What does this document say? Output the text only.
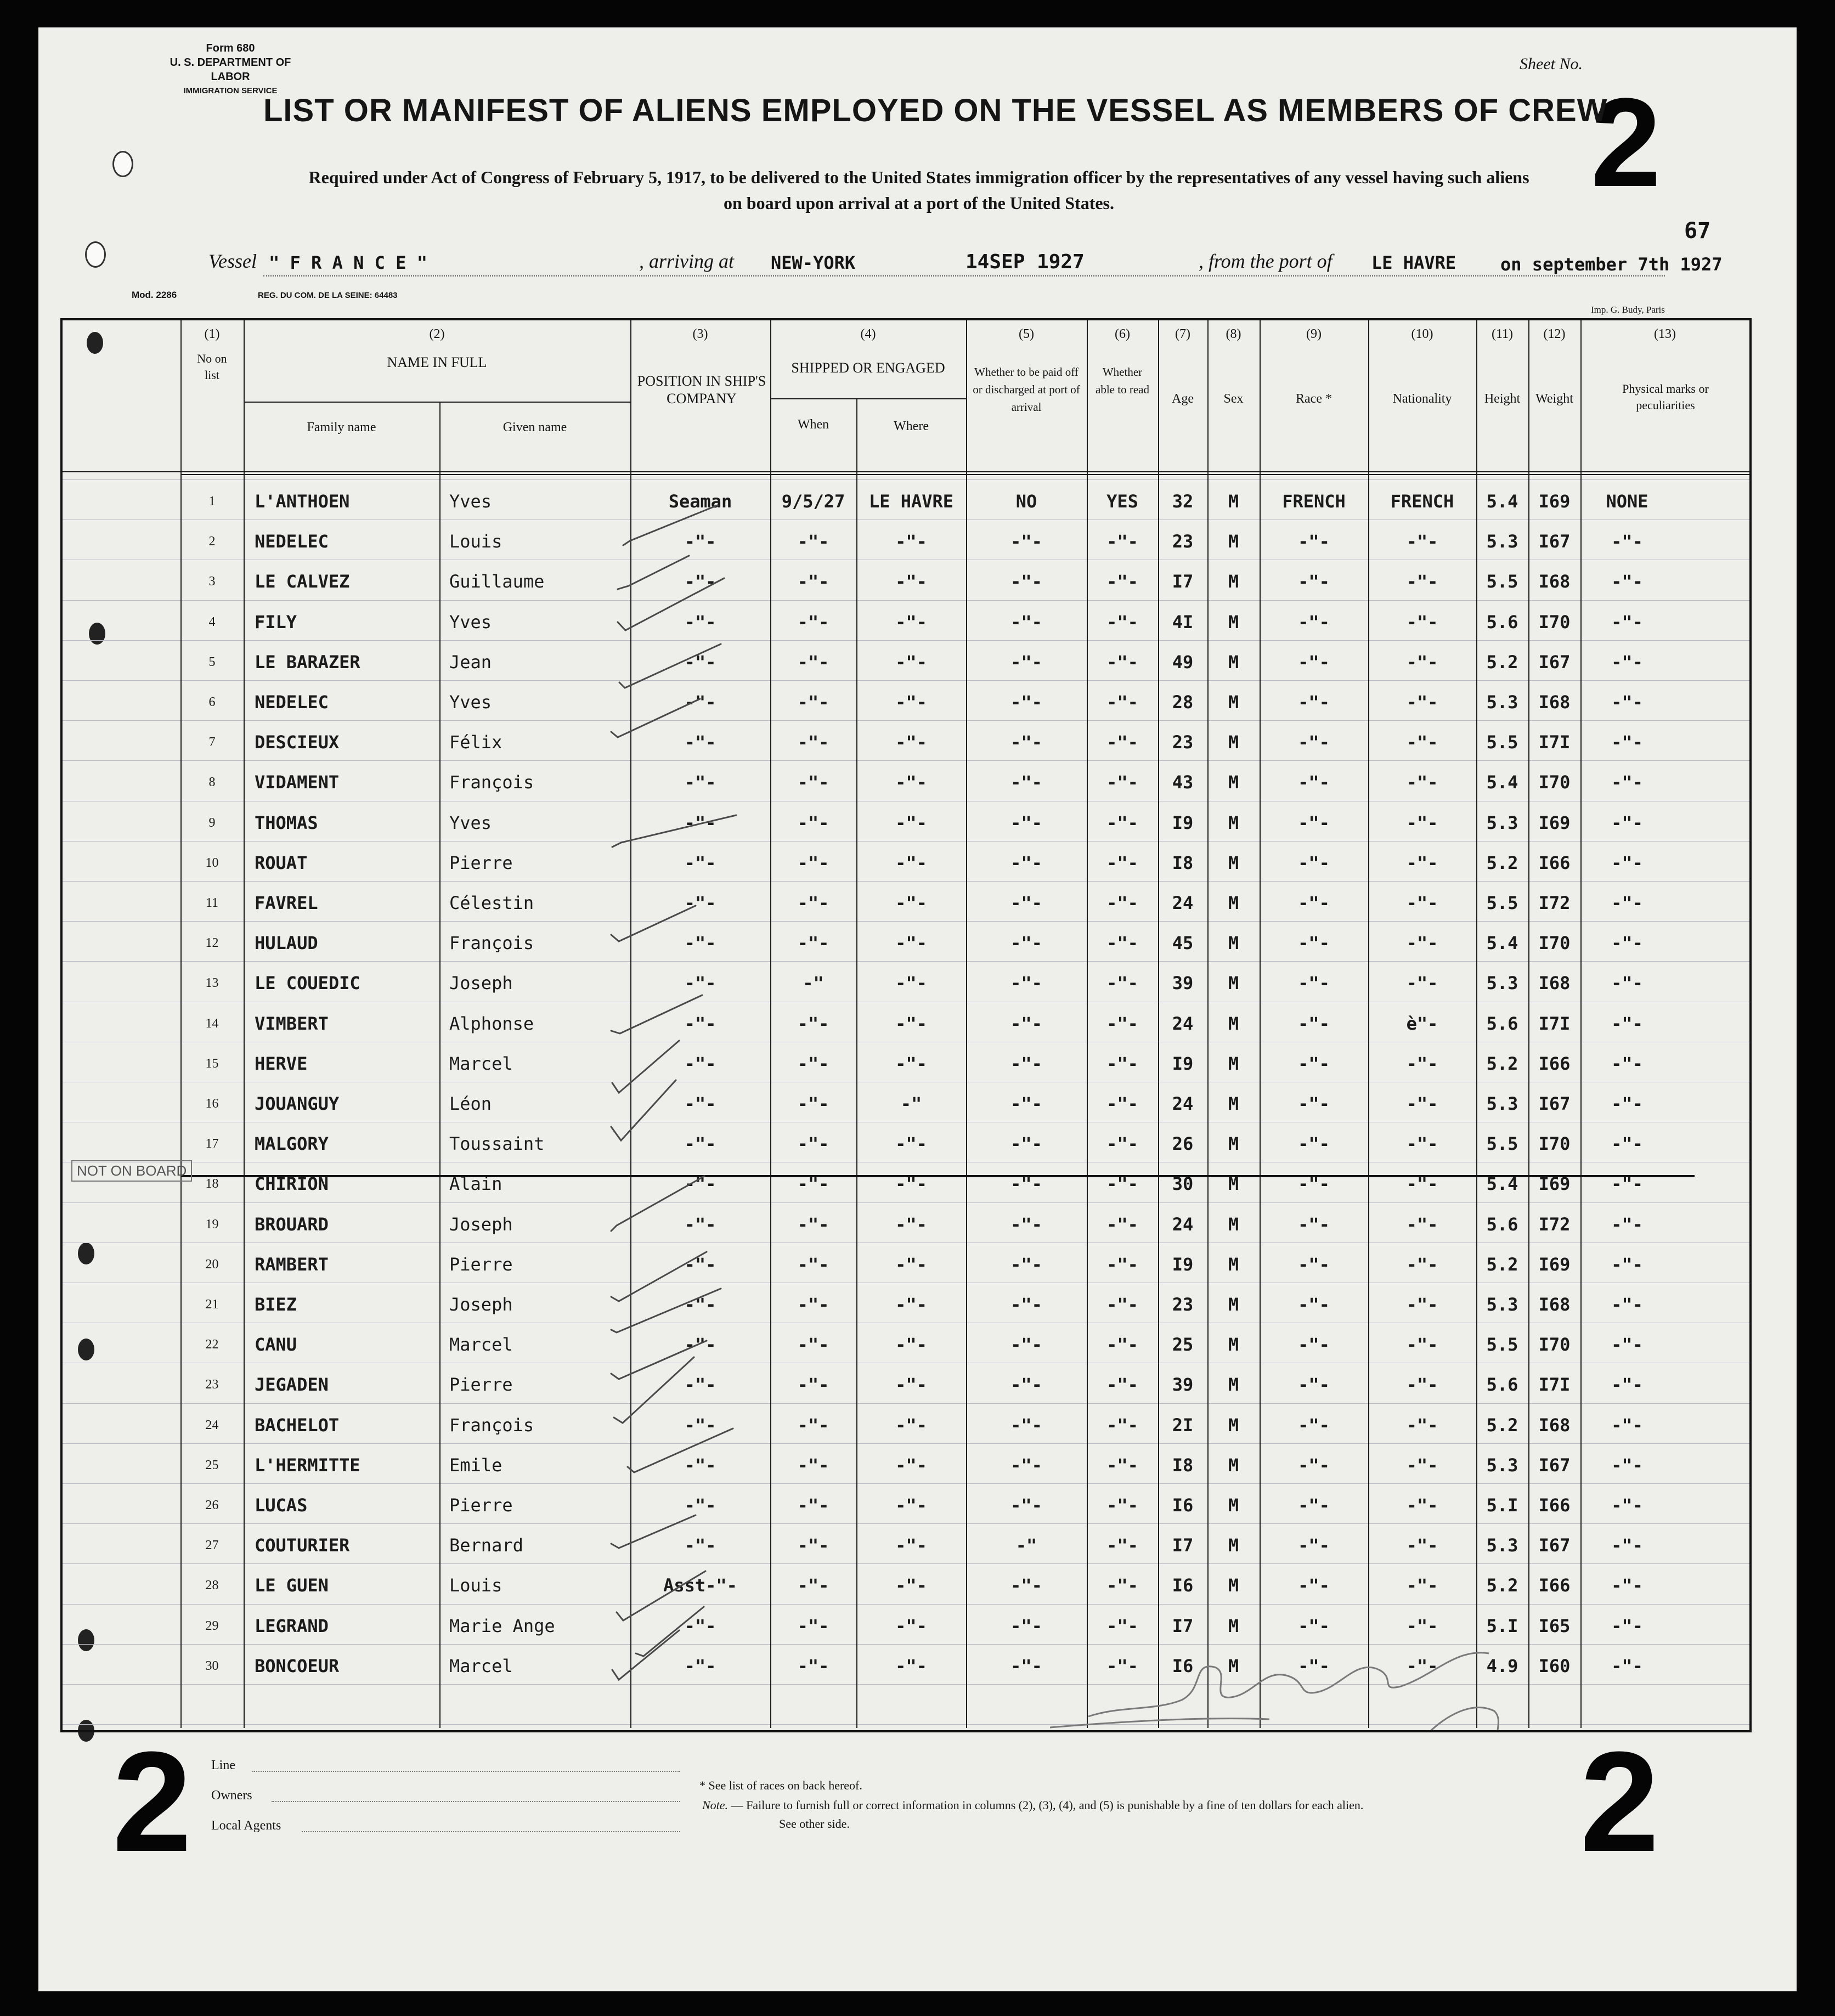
Form 680
U. S. DEPARTMENT OF LABOR
IMMIGRATION SERVICE
Sheet No.
2
LIST OR MANIFEST OF ALIENS EMPLOYED ON THE VESSEL AS MEMBERS OF CREW
Required under Act of Congress of February 5, 1917, to be delivered to the United States immigration officer by the representatives of any vessel having such aliens
on board upon arrival at a port of the United States.
67
Vessel " F R A N C E "	, arriving at NEW-YORK	14SEP 1927	, from the port of LE HAVRE	on september 7th 1927
Mod. 2286	REG. DU COM. DE LA SEINE: 64483
Imp. G. Budy, Paris
(1)
No on list
(2)
NAME IN FULL
Family name	Given name
(3)
POSITION IN SHIP'S COMPANY
(4)
SHIPPED OR ENGAGED
When	Where
(5)
Whether to be paid off or discharged at port of arrival
(6)
Whether able to read
(7)
Age
(8)
Sex
(9)
Race *
(10)
Nationality
(11)
Height
(12)
Weight
(13)
Physical marks or peculiarities
1	L'ANTHOEN	Yves	Seaman	9/5/27	LE HAVRE	NO	YES	32	M	FRENCH	FRENCH	5.4	I69	NONE
2	NEDELEC	Louis	-"-	-"-	-"-	-"-	-"-	23	M	-"-	-"-	5.3	I67	-"-
3	LE CALVEZ	Guillaume	-"-	-"-	-"-	-"-	-"-	I7	M	-"-	-"-	5.5	I68	-"-
4	FILY	Yves	-"-	-"-	-"-	-"-	-"-	4I	M	-"-	-"-	5.6	I70	-"-
5	LE BARAZER	Jean	-"-	-"-	-"-	-"-	-"-	49	M	-"-	-"-	5.2	I67	-"-
6	NEDELEC	Yves	-"-	-"-	-"-	-"-	-"-	28	M	-"-	-"-	5.3	I68	-"-
7	DESCIEUX	Félix	-"-	-"-	-"-	-"-	-"-	23	M	-"-	-"-	5.5	I7I	-"-
8	VIDAMENT	François	-"-	-"-	-"-	-"-	-"-	43	M	-"-	-"-	5.4	I70	-"-
9	THOMAS	Yves	-"-	-"-	-"-	-"-	-"-	I9	M	-"-	-"-	5.3	I69	-"-
10	ROUAT	Pierre	-"-	-"-	-"-	-"-	-"-	I8	M	-"-	-"-	5.2	I66	-"-
11	FAVREL	Célestin	-"-	-"-	-"-	-"-	-"-	24	M	-"-	-"-	5.5	I72	-"-
12	HULAUD	François	-"-	-"-	-"-	-"-	-"-	45	M	-"-	-"-	5.4	I70	-"-
13	LE COUEDIC	Joseph	-"-	-"	-"-	-"-	-"-	39	M	-"-	-"-	5.3	I68	-"-
14	VIMBERT	Alphonse	-"-	-"-	-"-	-"-	-"-	24	M	-"-	è"-	5.6	I7I	-"-
15	HERVE	Marcel	-"-	-"-	-"-	-"-	-"-	I9	M	-"-	-"-	5.2	I66	-"-
16	JOUANGUY	Léon	-"-	-"-	-"	-"-	-"-	24	M	-"-	-"-	5.3	I67	-"-
17	MALGORY	Toussaint	-"-	-"-	-"-	-"-	-"-	26	M	-"-	-"-	5.5	I70	-"-
18	CHIRION	Alain	-"-	-"-	-"-	-"-	-"-	30	M	-"-	-"-	5.4	I69	-"-
19	BROUARD	Joseph	-"-	-"-	-"-	-"-	-"-	24	M	-"-	-"-	5.6	I72	-"-
20	RAMBERT	Pierre	-"-	-"-	-"-	-"-	-"-	I9	M	-"-	-"-	5.2	I69	-"-
21	BIEZ	Joseph	-"-	-"-	-"-	-"-	-"-	23	M	-"-	-"-	5.3	I68	-"-
22	CANU	Marcel	-"-	-"-	-"-	-"-	-"-	25	M	-"-	-"-	5.5	I70	-"-
23	JEGADEN	Pierre	-"-	-"-	-"-	-"-	-"-	39	M	-"-	-"-	5.6	I7I	-"-
24	BACHELOT	François	-"-	-"-	-"-	-"-	-"-	2I	M	-"-	-"-	5.2	I68	-"-
25	L'HERMITTE	Emile	-"-	-"-	-"-	-"-	-"-	I8	M	-"-	-"-	5.3	I67	-"-
26	LUCAS	Pierre	-"-	-"-	-"-	-"-	-"-	I6	M	-"-	-"-	5.I	I66	-"-
27	COUTURIER	Bernard	-"-	-"-	-"-	-"	-"-	I7	M	-"-	-"-	5.3	I67	-"-
28	LE GUEN	Louis	Asst-"-	-"-	-"-	-"-	-"-	I6	M	-"-	-"-	5.2	I66	-"-
29	LEGRAND	Marie Ange	-"-	-"-	-"-	-"-	-"-	I7	M	-"-	-"-	5.I	I65	-"-
30	BONCOEUR	Marcel	-"-	-"-	-"-	-"-	-"-	I6	M	-"-	-"-	4.9	I60	-"-
NOT ON BOARD
2	2
Line
Owners
Local Agents
* See list of races on back hereof.
Note. — Failure to furnish full or correct information in columns (2), (3), (4), and (5) is punishable by a fine of ten dollars for each alien.
See other side.
